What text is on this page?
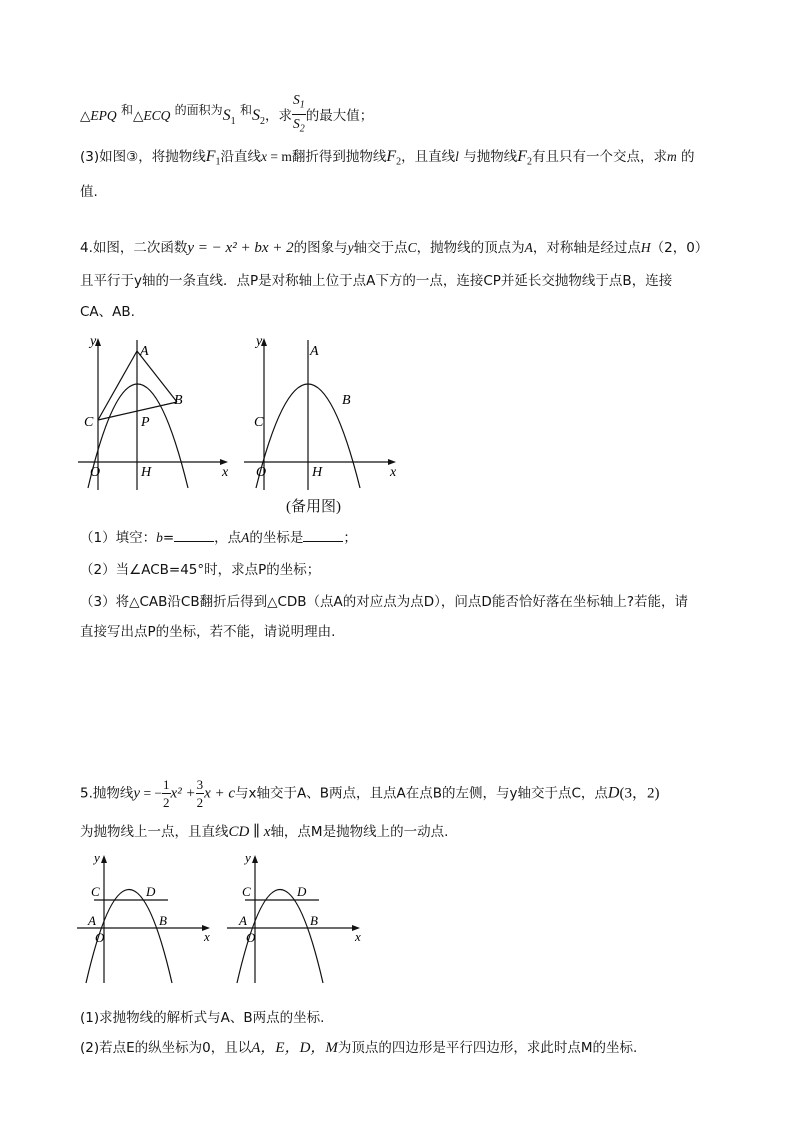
△EPQ 和△ECQ 的面积为$S_1$ 和$S_2$，求 $\frac{S_1}{S_2}$ 的最大值；
(3)如图③，将抛物线$F_1$沿直线x = m翻折得到抛物线$F_2$，且直线l 与抛物线$F_2$有且只有一个交点，求m 的
值.
4.如图，二次函数y = − x² + bx + 2的图象与y轴交于点C，抛物线的顶点为A，对称轴是经过点H（2，0）
且平行于y轴的一条直线．点P是对称轴上位于点A下方的一点，连接CP并延长交抛物线于点B，连接
CA、AB.
y
A
B
C	P
O	H	x
y
A
B
C
O	H	x
(备用图)
（1）填空：b=	，点A的坐标是	；
（2）当∠ACB=45°时，求点P的坐标；
（3）将△CAB沿CB翻折后得到△CDB（点A的对应点为点D），问点D能否恰好落在坐标轴上?若能，请
直接写出点P的坐标，若不能，请说明理由.
5.抛物线y = − $\frac{1}{2} x^2 + \frac{3}{2}$ x + c与x轴交于A、B两点，且点A在点B的左侧，与y轴交于点C，点D(3，2)
为抛物线上一点，且直线CD ∥ x轴，点M是抛物线上的一动点.
y
C	D
A	B
O	x
y
C	D
A	B
O	x
(1)求抛物线的解析式与A、B两点的坐标.
(2)若点E的纵坐标为0，且以A，E，D，M为顶点的四边形是平行四边形，求此时点M的坐标.
